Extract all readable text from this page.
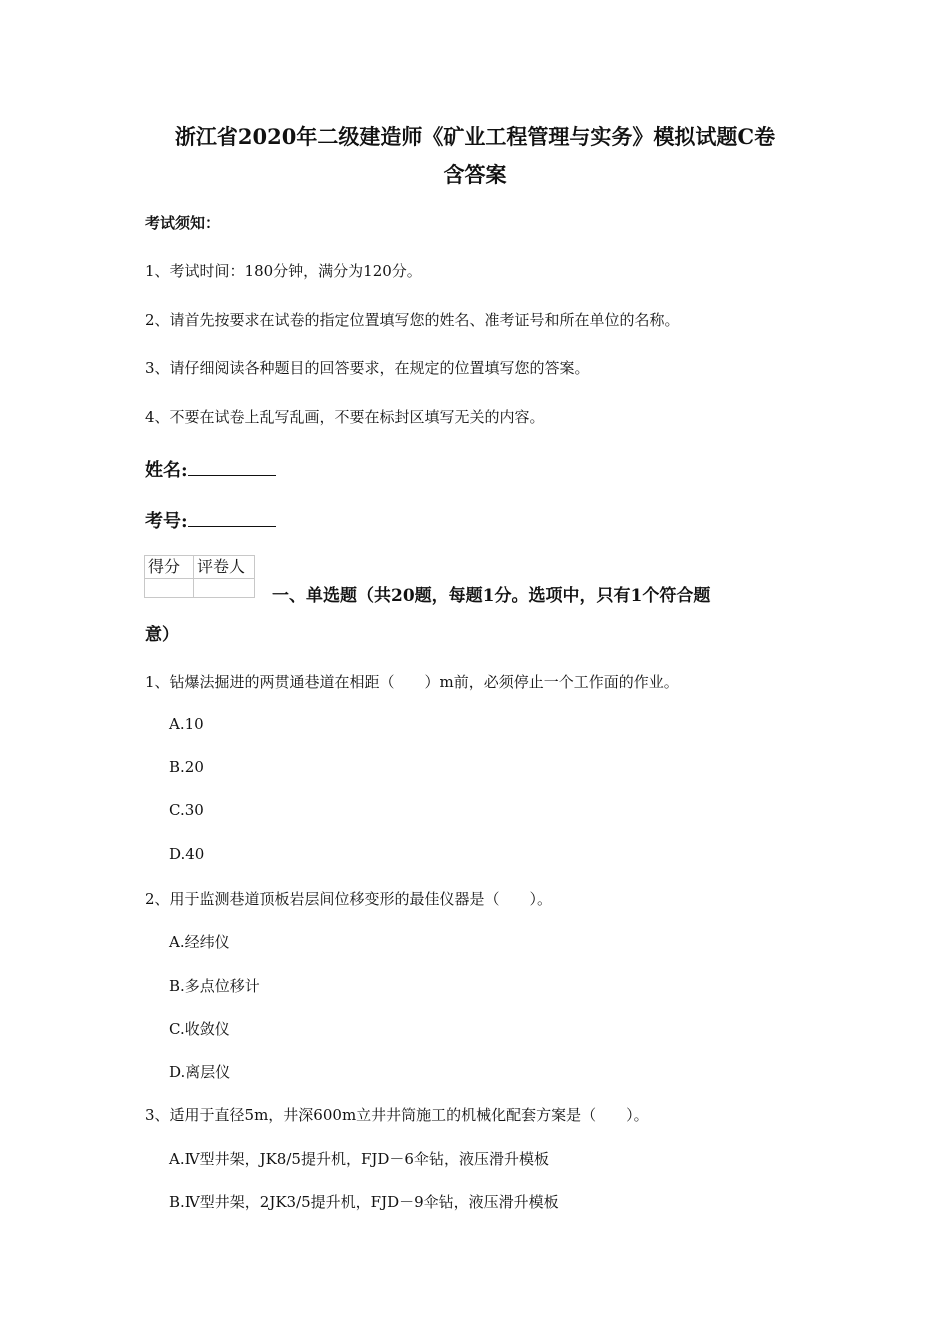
浙江省2020年二级建造师《矿业工程管理与实务》模拟试题C卷
含答案
考试须知：
1、考试时间：180分钟，满分为120分。
2、请首先按要求在试卷的指定位置填写您的姓名、准考证号和所在单位的名称。
3、请仔细阅读各种题目的回答要求，在规定的位置填写您的答案。
4、不要在试卷上乱写乱画，不要在标封区填写无关的内容。
姓名:
考号:
得分	评卷人

一、单选题（共20题，每题1分。选项中，只有1个符合题
意）
1、钻爆法掘进的两贯通巷道在相距（　　）m前，必须停止一个工作面的作业。
A.10
B.20
C.30
D.40
2、用于监测巷道顶板岩层间位移变形的最佳仪器是（　　）。
A.经纬仪
B.多点位移计
C.收敛仪
D.离层仪
3、适用于直径5m，井深600m立井井筒施工的机械化配套方案是（　　）。
A.Ⅳ型井架，JK8/5提升机，FJD－6伞钻，液压滑升模板
B.Ⅳ型井架，2JK3/5提升机，FJD－9伞钻，液压滑升模板
